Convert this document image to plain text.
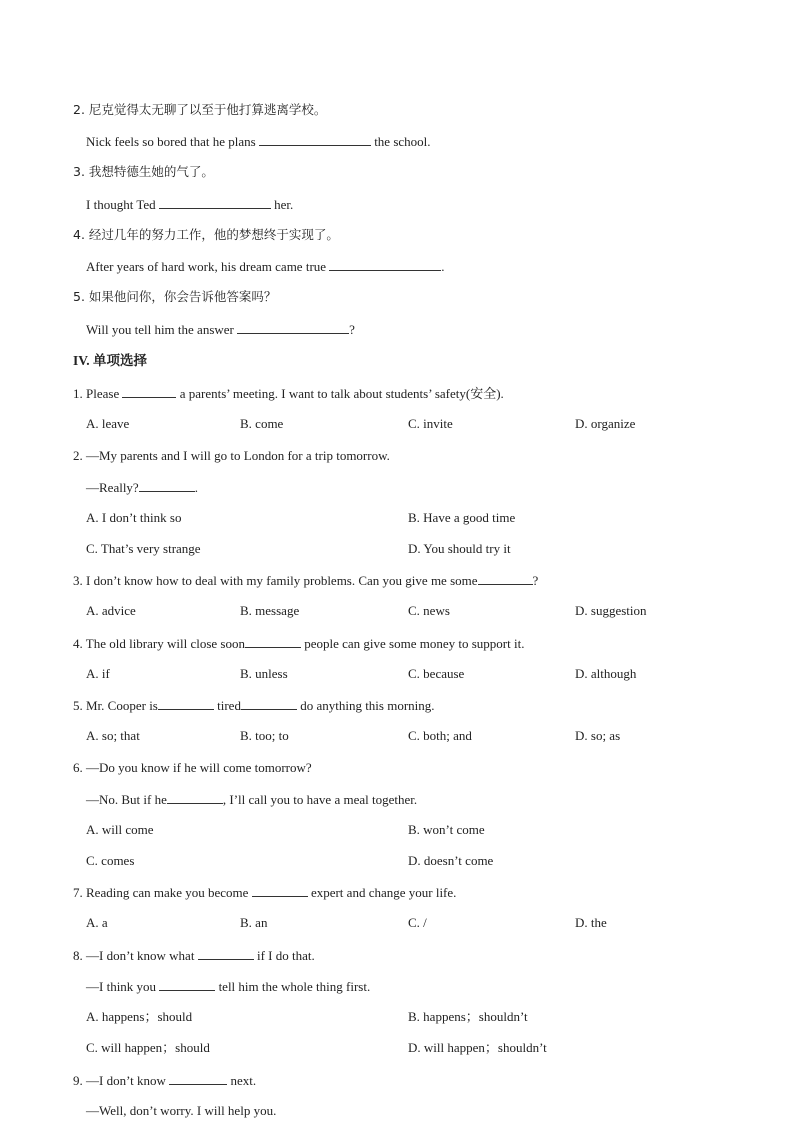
2. 尼克觉得太无聊了以至于他打算逃离学校。
Nick feels so bored that he plans	the school.
3. 我想特德生她的气了。
I thought Ted	her.
4. 经过几年的努力工作，他的梦想终于实现了。
After years of hard work, his dream came true	.
5. 如果他问你，你会告诉他答案吗？
Will you tell him the answer	?
IV. 单项选择
1. Please	a parents’ meeting. I want to talk about students’ safety(安全).
A. leave	B. come	C. invite	D. organize
2. —My parents and I will go to London for a trip tomorrow.
—Really?	.
A. I don’t think so	B. Have a good time
C. That’s very strange	D. You should try it
3. I don’t know how to deal with my family problems. Can you give me some	?
A. advice	B. message	C. news	D. suggestion
4. The old library will close soon	people can give some money to support it.
A. if	B. unless	C. because	D. although
5. Mr. Cooper is	tired	do anything this morning.
A. so; that	B. too; to	C. both; and	D. so; as
6. —Do you know if he will come tomorrow?
—No. But if he	, I’ll call you to have a meal together.
A. will come	B. won’t come
C. comes	D. doesn’t come
7. Reading can make you become	expert and change your life.
A. a	B. an	C. /	D. the
8. —I don’t know what	if I do that.
—I think you	tell him the whole thing first.
A. happens；should	B. happens；shouldn’t
C. will happen；should	D. will happen；shouldn’t
9. —I don’t know	next.
—Well, don’t worry. I will help you.
